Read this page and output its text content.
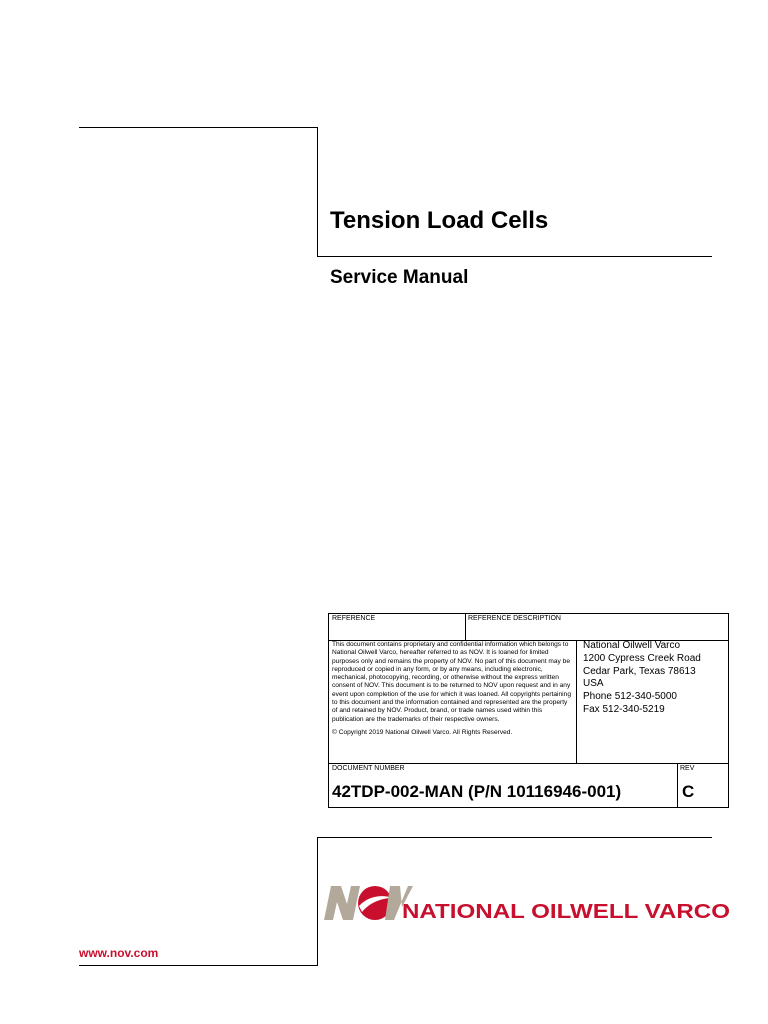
Tension Load Cells
Service Manual
REFERENCE	REFERENCE DESCRIPTION

This document contains proprietary and confidential information which belongs to National Oilwell Varco, hereafter referred to as NOV. It is loaned for limited purposes only and remains the property of NOV. No part of this document may be reproduced or copied in any form, or by any means, including electronic, mechanical, photocopying, recording, or otherwise without the express written consent of NOV. This document is to be returned to NOV upon request and in any event upon completion of the use for which it was loaned. All copyrights pertaining to this document and the information contained and represented are the property of and retained by NOV. Product, brand, or trade names used within this publication are the trademarks of their respective owners.

© Copyright 2019 National Oilwell Varco. All Rights Reserved.

National Oilwell Varco
1200 Cypress Creek Road
Cedar Park, Texas 78613
USA
Phone 512-340-5000
Fax 512-340-5219
DOCUMENT NUMBER
42TDP-002-MAN (P/N 10116946-001)
REV
C
NATIONAL OILWELL VARCO
www.nov.com
